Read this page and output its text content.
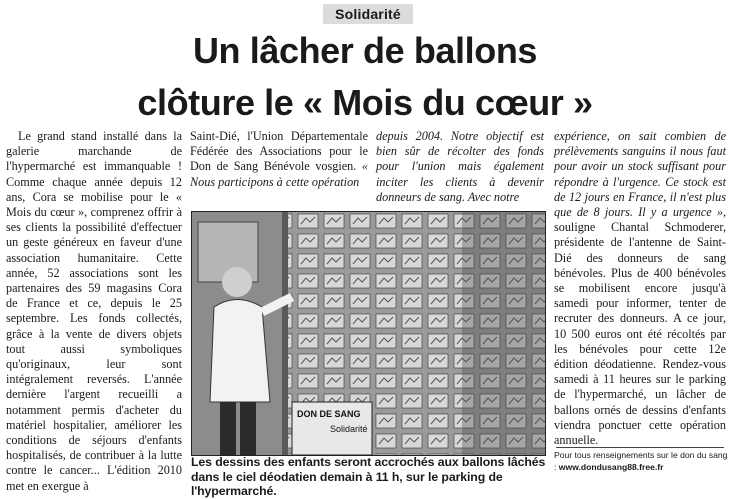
Solidarité
Un lâcher de ballons
clôture le « Mois du cœur »

Le grand stand installé dans la galerie marchande de l'hypermarché est immanquable ! Comme chaque année depuis 12 ans, Cora se mobilise pour le « Mois du cœur », comprenez offrir à ses clients la possibilité d'effectuer un geste généreux en faveur d'une association humanitaire. Cette année, 52 associations sont les partenaires des 59 magasins Cora de France et ce, depuis le 25 septembre. Les fonds collectés, grâce à la vente de divers objets tout aussi symboliques qu'originaux, leur sont intégralement reversés. L'année dernière l'argent recueilli a notamment permis d'acheter du matériel hospitalier, améliorer les conditions de séjours d'enfants hospitalisés, de contribuer à la lutte contre le cancer... L'édition 2010 met en exergue à

Saint-Dié, l'Union Départementale Fédérée des Associations pour le Don de Sang Bénévole vosgien. « Nous participons à cette opération

depuis 2004. Notre objectif est bien sûr de récolter des fonds pour l'union mais également inciter les clients à devenir donneurs de sang. Avec notre

expérience, on sait combien de prélèvements sanguins il nous faut pour avoir un stock suffisant pour répondre à l'urgence. Ce stock est de 12 jours en France, il n'est plus que de 8 jours. Il y a urgence », souligne Chantal Schmoderer, présidente de l'antenne de Saint-Dié des donneurs de sang bénévoles. Plus de 400 bénévoles se mobilisent encore jusqu'à samedi pour informer, tenter de recruter des donneurs. A ce jour, 10 500 euros ont été récoltés par les bénévoles pour cette 12e édition déodatienne. Rendez-vous samedi à 11 heures sur le parking de l'hypermarché, un lâcher de ballons ornés de dessins d'enfants viendra ponctuer cette opération annuelle.

DON DE SANG
Solidarité
Les dessins des enfants seront accrochés aux ballons lâchés dans le ciel déodatien demain à 11 h, sur le parking de l'hypermarché.
Pour tous renseignements sur le don du sang : www.dondusang88.free.fr
